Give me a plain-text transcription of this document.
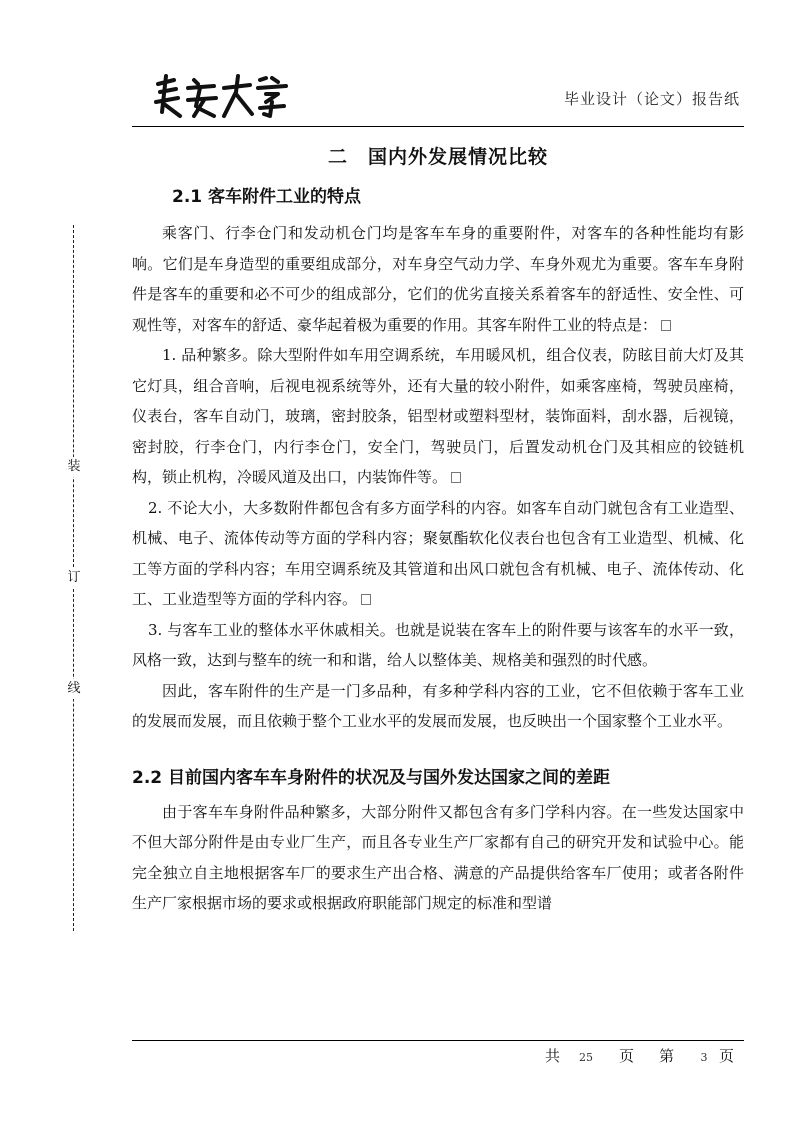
毕业设计（论文）报告纸
装
订
线
二　国内外发展情况比较
2.1 客车附件工业的特点

乘客门、行李仓门和发动机仓门均是客车车身的重要附件，对客车的各种性能均有影响。它们是车身造型的重要组成部分，对车身空气动力学、车身外观尤为重要。客车车身附件是客车的重要和必不可少的组成部分，它们的优劣直接关系着客车的舒适性、安全性、可观性等，对客车的舒适、豪华起着极为重要的作用。其客车附件工业的特点是：

1. 品种繁多。除大型附件如车用空调系统，车用暖风机，组合仪表，防眩目前大灯及其它灯具，组合音响，后视电视系统等外，还有大量的较小附件，如乘客座椅，驾驶员座椅，仪表台，客车自动门，玻璃，密封胶条，铝型材或塑料型材，装饰面料，刮水器，后视镜，密封胶，行李仓门，内行李仓门，安全门，驾驶员门，后置发动机仓门及其相应的铰链机构，锁止机构，冷暖风道及出口，内装饰件等。

2. 不论大小，大多数附件都包含有多方面学科的内容。如客车自动门就包含有工业造型、机械、电子、流体传动等方面的学科内容；聚氨酯软化仪表台也包含有工业造型、机械、化工等方面的学科内容；车用空调系统及其管道和出风口就包含有机械、电子、流体传动、化工、工业造型等方面的学科内容。

3. 与客车工业的整体水平休戚相关。也就是说装在客车上的附件要与该客车的水平一致，风格一致，达到与整车的统一和和谐，给人以整体美、规格美和强烈的时代感。

因此，客车附件的生产是一门多品种，有多种学科内容的工业，它不但依赖于客车工业的发展而发展，而且依赖于整个工业水平的发展而发展，也反映出一个国家整个工业水平。

2.2 目前国内客车车身附件的状况及与国外发达国家之间的差距

由于客车车身附件品种繁多，大部分附件又都包含有多门学科内容。在一些发达国家中不但大部分附件是由专业厂生产，而且各专业生产厂家都有自己的研究开发和试验中心。能完全独立自主地根据客车厂的要求生产出合格、满意的产品提供给客车厂使用；或者各附件生产厂家根据市场的要求或根据政府职能部门规定的标准和型谱

共 25 页 第 3 页
